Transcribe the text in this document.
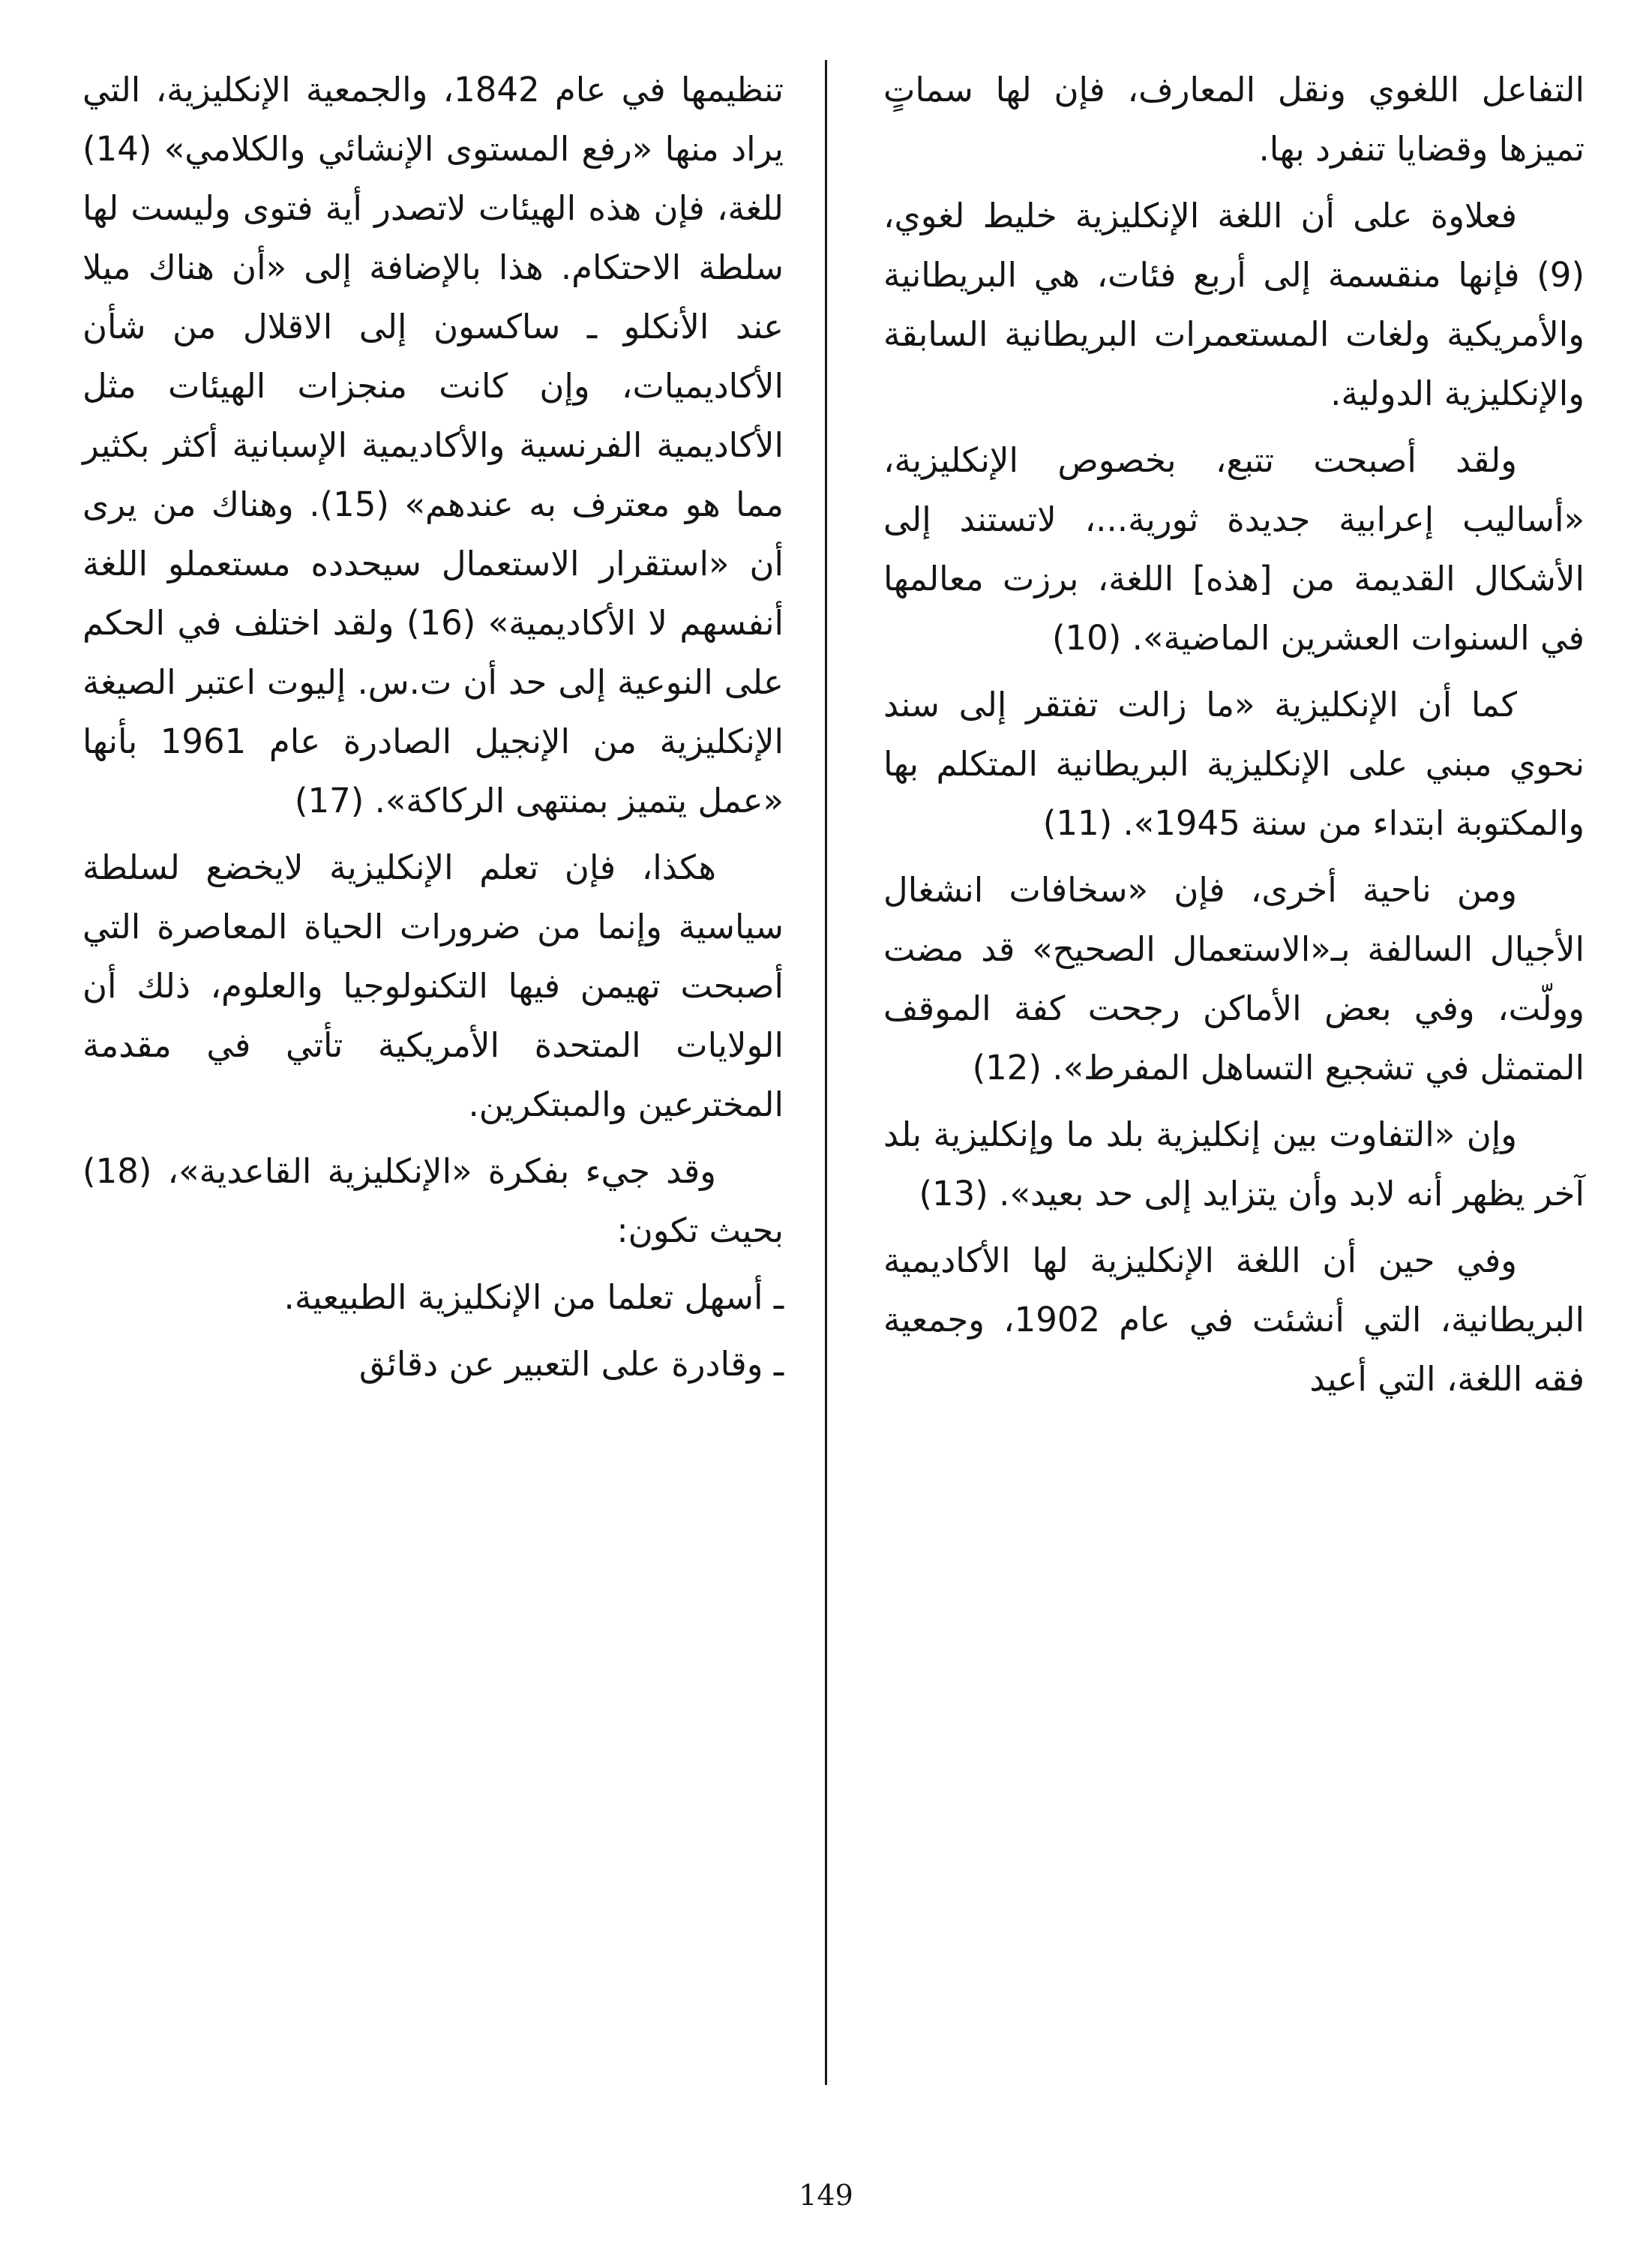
التفاعل اللغوي ونقل المعارف، فإن لها سماتٍ تميزها وقضايا تنفرد بها.

فعلاوة على أن اللغة الإنكليزية خليط لغوي،(9) فإنها منقسمة إلى أربع فئات، هي البريطانية والأمريكية ولغات المستعمرات البريطانية السابقة والإنكليزية الدولية.

ولقد أصبحت تتبع، بخصوص الإنكليزية، «أساليب إعرابية جديدة ثورية...، لاتستند إلى الأشكال القديمة من [هذه] اللغة، برزت معالمها في السنوات العشرين الماضية». (10)

كما أن الإنكليزية «ما زالت تفتقر إلى سند نحوي مبني على الإنكليزية البريطانية المتكلم بها والمكتوبة ابتداء من سنة 1945». (11)

ومن ناحية أخرى، فإن «سخافات انشغال الأجيال السالفة بـ«الاستعمال الصحيح» قد مضت وولّت، وفي بعض الأماكن رجحت كفة الموقف المتمثل في تشجيع التساهل المفرط». (12)

وإن «التفاوت بين إنكليزية بلد ما وإنكليزية بلد آخر يظهر أنه لابد وأن يتزايد إلى حد بعيد». (13)

وفي حين أن اللغة الإنكليزية لها الأكاديمية البريطانية، التي أنشئت في عام 1902، وجمعية فقه اللغة، التي أعيد

تنظيمها في عام 1842، والجمعية الإنكليزية، التي يراد منها «رفع المستوى الإنشائي والكلامي» (14) للغة، فإن هذه الهيئات لاتصدر أية فتوى وليست لها سلطة الاحتكام. هذا بالإضافة إلى «أن هناك ميلا عند الأنكلو ـ ساكسون إلى الاقلال من شأن الأكاديميات، وإن كانت منجزات الهيئات مثل الأكاديمية الفرنسية والأكاديمية الإسبانية أكثر بكثير مما هو معترف به عندهم» (15). وهناك من يرى أن «استقرار الاستعمال سيحدده مستعملو اللغة أنفسهم لا الأكاديمية» (16) ولقد اختلف في الحكم على النوعية إلى حد أن ت.س. إليوت اعتبر الصيغة الإنكليزية من الإنجيل الصادرة عام 1961 بأنها «عمل يتميز بمنتهى الركاكة». (17)

هكذا، فإن تعلم الإنكليزية لايخضع لسلطة سياسية وإنما من ضرورات الحياة المعاصرة التي أصبحت تهيمن فيها التكنولوجيا والعلوم، ذلك أن الولايات المتحدة الأمريكية تأتي في مقدمة المخترعين والمبتكرين.

وقد جيء بفكرة «الإنكليزية القاعدية»، (18) بحيث تكون:

ـ أسهل تعلما من الإنكليزية الطبيعية.

ـ وقادرة على التعبير عن دقائق

149
